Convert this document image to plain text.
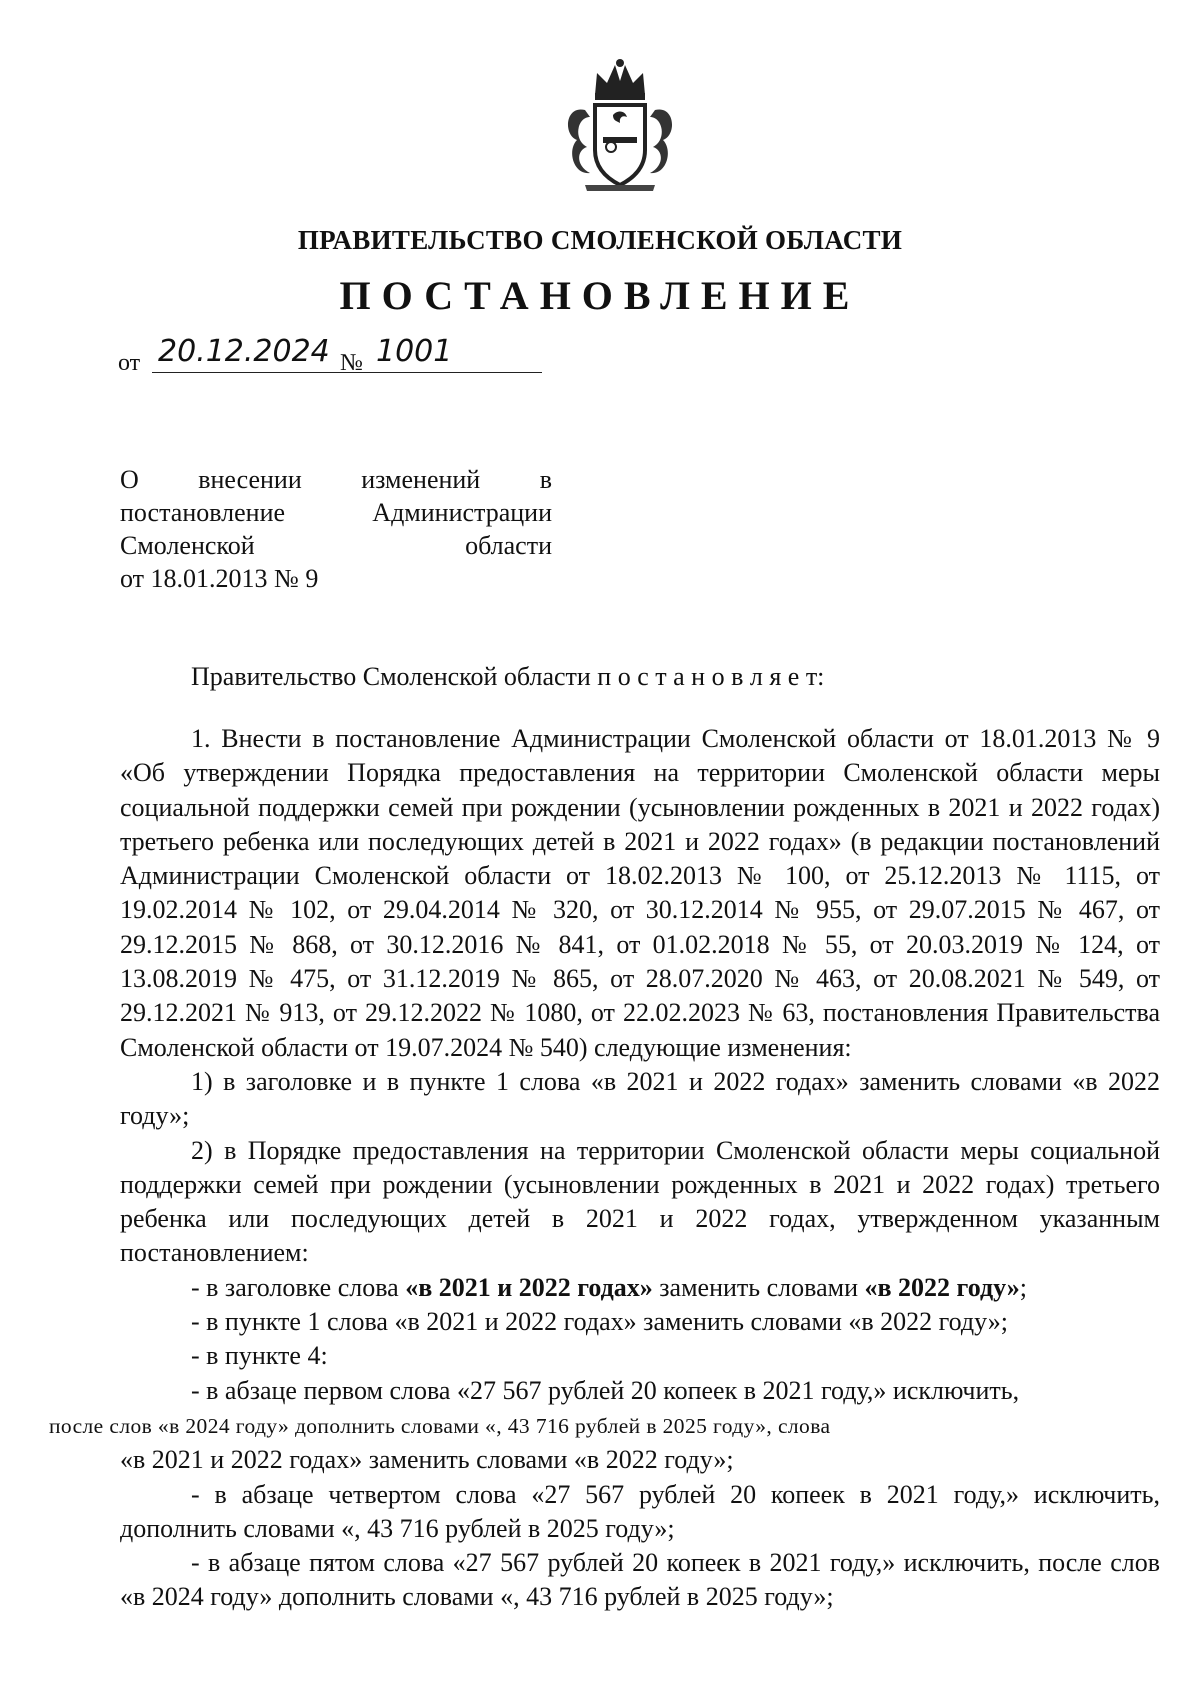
ПРАВИТЕЛЬСТВО СМОЛЕНСКОЙ ОБЛАСТИ
ПОСТАНОВЛЕНИЕ
от 20.12.2024 № 1001
О внесении изменений в
постановление	Администрации
Смоленской	области
от 18.01.2013 № 9
Правительство Смоленской области п о с т а н о в л я е т:

1. Внести в постановление Администрации Смоленской области от 18.01.2013 № 9 «Об утверждении Порядка предоставления на территории Смоленской области меры социальной поддержки семей при рождении (усыновлении рожденных в 2021 и 2022 годах) третьего ребенка или последующих детей в 2021 и 2022 годах» (в редакции постановлений Администрации Смоленской области от 18.02.2013 № 100, от 25.12.2013 № 1115, от 19.02.2014 № 102, от 29.04.2014 № 320, от 30.12.2014 № 955, от 29.07.2015 № 467, от 29.12.2015 № 868, от 30.12.2016 № 841, от 01.02.2018 № 55, от 20.03.2019 № 124, от 13.08.2019 № 475, от 31.12.2019 № 865, от 28.07.2020 № 463, от 20.08.2021 № 549, от 29.12.2021 № 913, от 29.12.2022 № 1080, от 22.02.2023 № 63, постановления Правительства Смоленской области от 19.07.2024 № 540) следующие изменения:

1) в заголовке и в пункте 1 слова «в 2021 и 2022 годах» заменить словами «в 2022 году»;

2) в Порядке предоставления на территории Смоленской области меры социальной поддержки семей при рождении (усыновлении рожденных в 2021 и 2022 годах) третьего ребенка или последующих детей в 2021 и 2022 годах, утвержденном указанным постановлением:

- в заголовке слова «в 2021 и 2022 годах» заменить словами «в 2022 году»;

- в пункте 1 слова «в 2021 и 2022 годах» заменить словами «в 2022 году»;

- в пункте 4:

- в абзаце первом слова «27 567 рублей 20 копеек в 2021 году,» исключить,
после слов «в 2024 году» дополнить словами «, 43 716 рублей в 2025 году», слова
«в 2021 и 2022 годах» заменить словами «в 2022 году»;

- в абзаце четвертом слова «27 567 рублей 20 копеек в 2021 году,» исключить, дополнить словами «, 43 716 рублей в 2025 году»;

- в абзаце пятом слова «27 567 рублей 20 копеек в 2021 году,» исключить, после слов «в 2024 году» дополнить словами «, 43 716 рублей в 2025 году»;
